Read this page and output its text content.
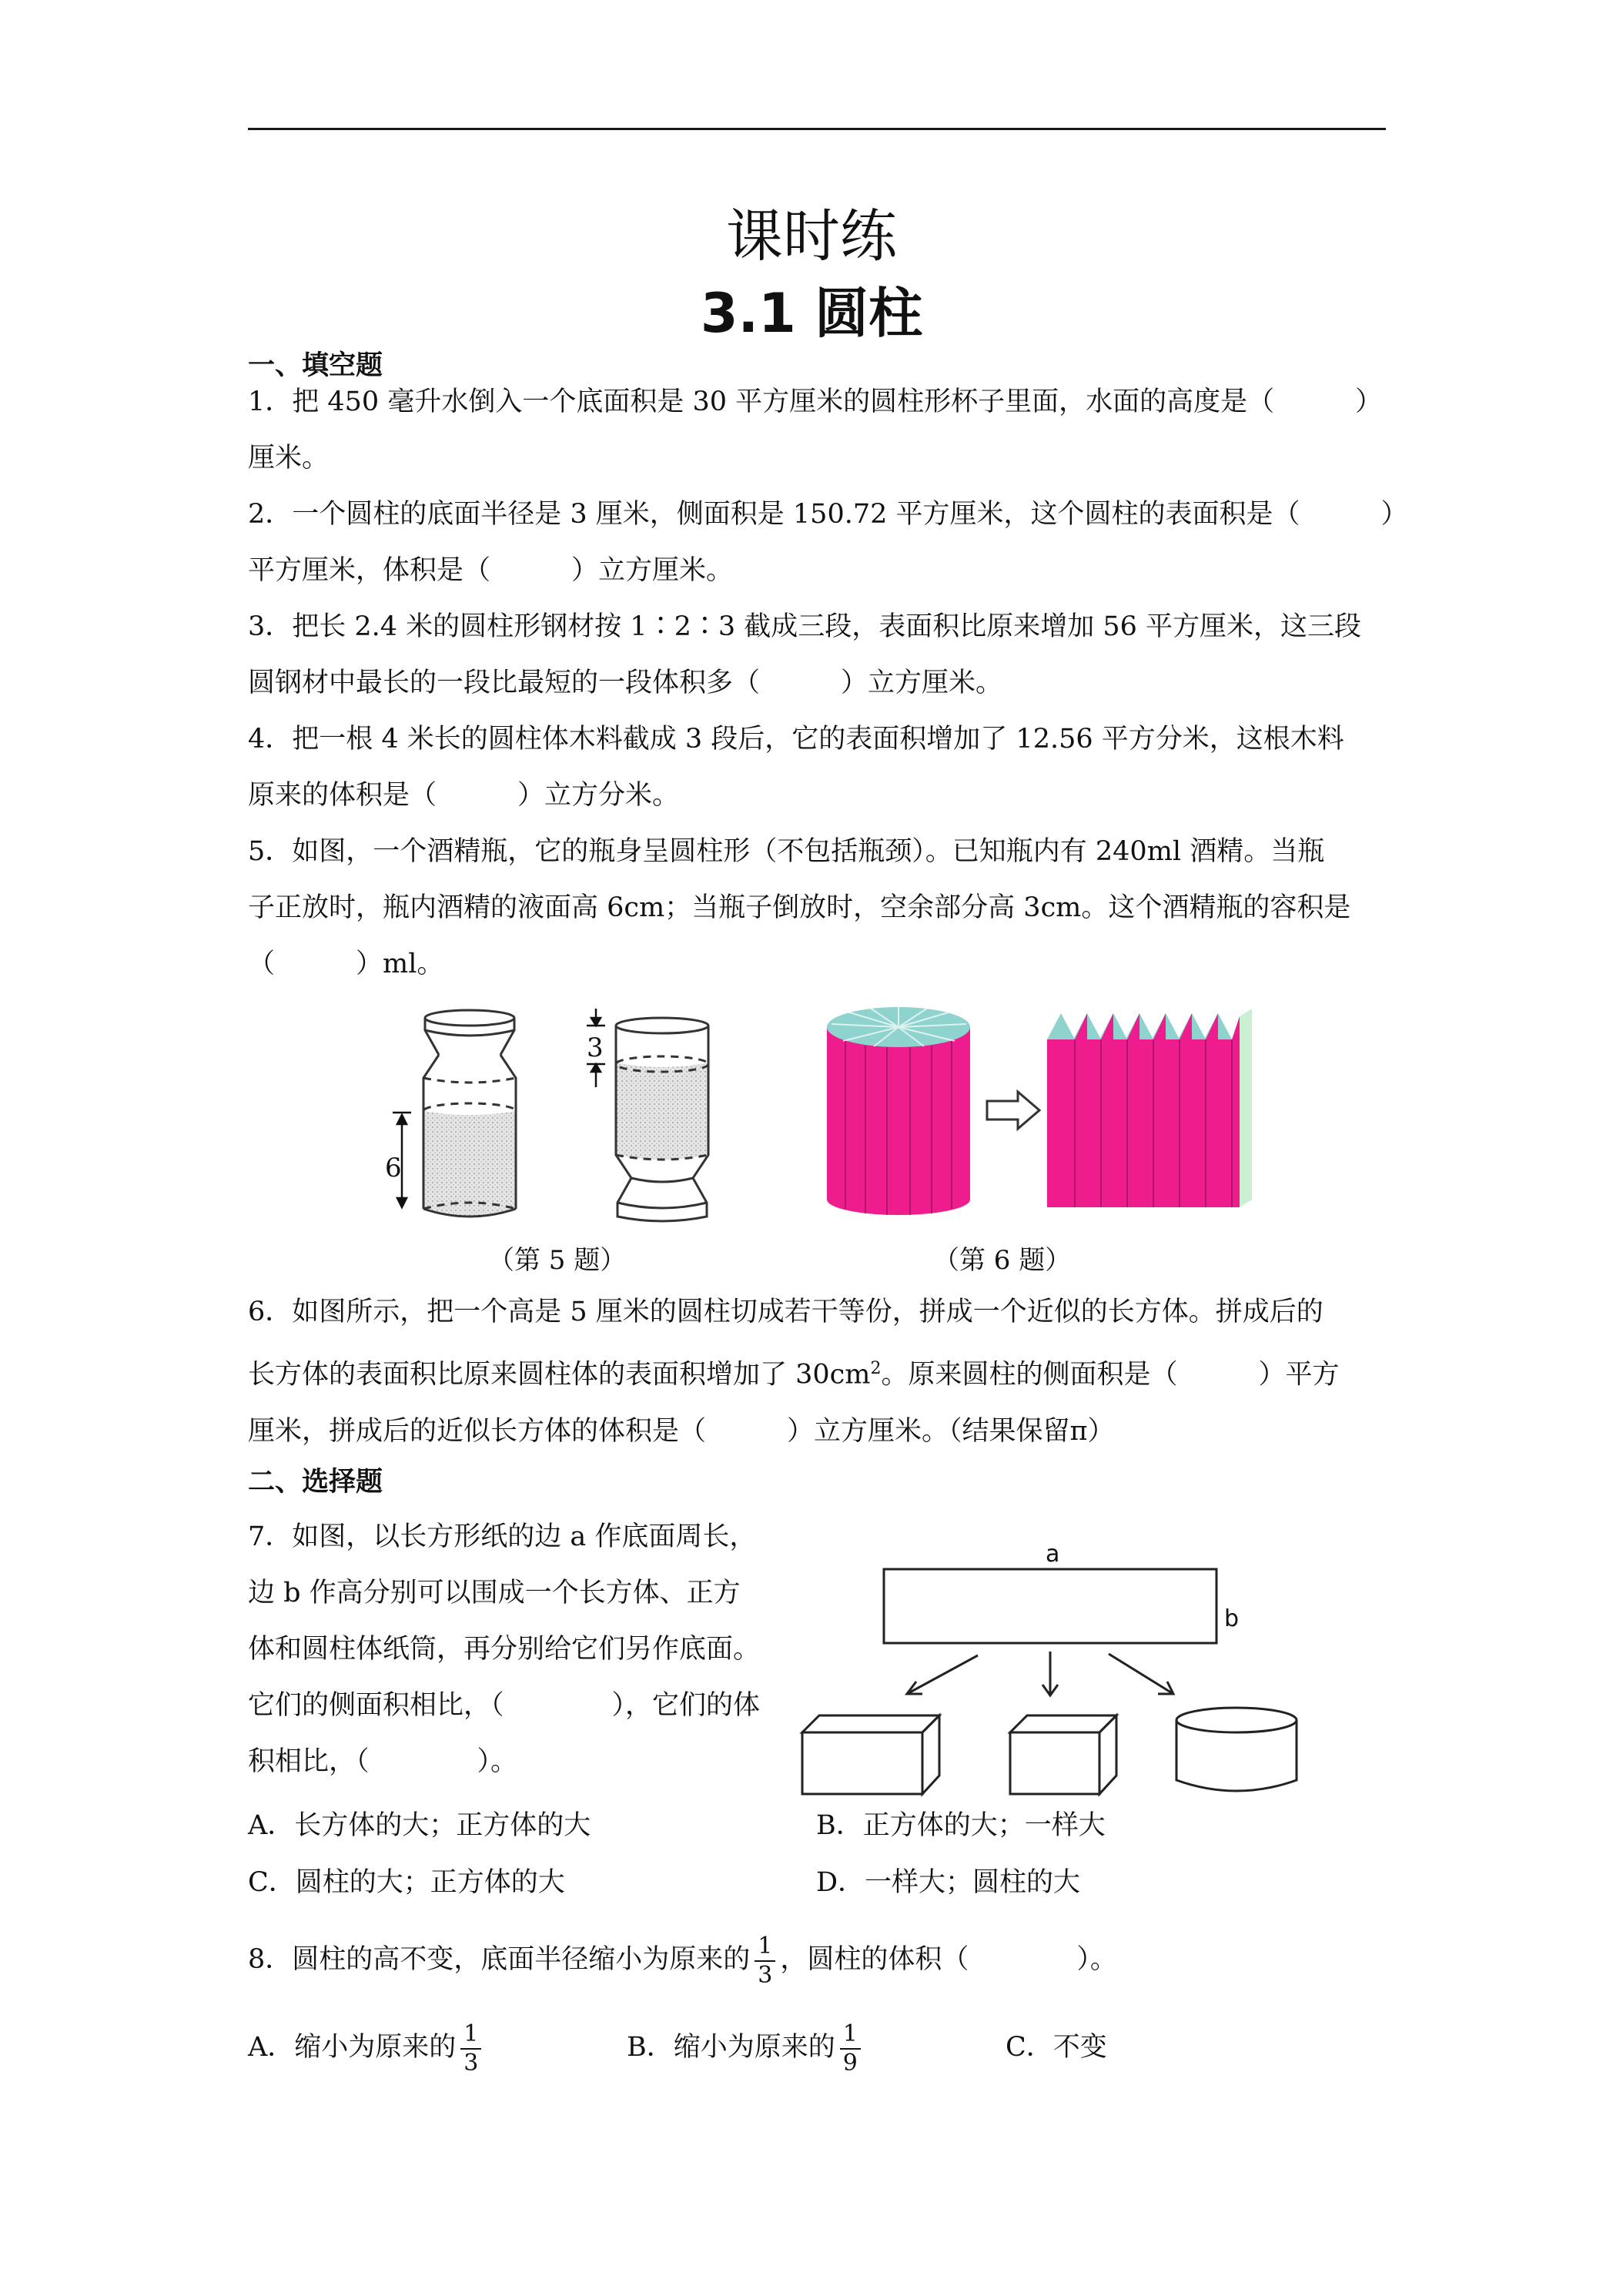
课时练
3.1 圆柱
一、填空题

1．把 450 毫升水倒入一个底面积是 30 平方厘米的圆柱形杯子里面，水面的高度是（　　　）

厘米。

2．一个圆柱的底面半径是 3 厘米，侧面积是 150.72 平方厘米，这个圆柱的表面积是（　　　）

平方厘米，体积是（　　　）立方厘米。

3．把长 2.4 米的圆柱形钢材按 1∶2∶3 截成三段，表面积比原来增加 56 平方厘米，这三段

圆钢材中最长的一段比最短的一段体积多（　　　）立方厘米。

4．把一根 4 米长的圆柱体木料截成 3 段后，它的表面积增加了 12.56 平方分米，这根木料

原来的体积是（　　　）立方分米。

5．如图，一个酒精瓶，它的瓶身呈圆柱形（不包括瓶颈）。已知瓶内有 240ml 酒精。当瓶

子正放时，瓶内酒精的液面高 6cm；当瓶子倒放时，空余部分高 3cm。这个酒精瓶的容积是

（　　　）ml。

6
3
（第 5 题）	（第 6 题）

6．如图所示，把一个高是 5 厘米的圆柱切成若干等份，拼成一个近似的长方体。拼成后的

长方体的表面积比原来圆柱体的表面积增加了 $30cm^2$。原来圆柱的侧面积是（　　　）平方

厘米，拼成后的近似长方体的体积是（　　　）立方厘米。（结果保留π）

二、选择题

7．如图，以长方形纸的边 a 作底面周长，

边 b 作高分别可以围成一个长方体、正方

体和圆柱体纸筒，再分别给它们另作底面。

它们的侧面积相比，（　　　　），它们的体

积相比，（　　　　）。

a
b
A．长方体的大；正方体的大	B．正方体的大；一样大
C．圆柱的大；正方体的大	D．一样大；圆柱的大
8．圆柱的高不变，底面半径缩小为原来的 $\frac{1}{3}$ ，圆柱的体积（　　　　）。
A．缩小为原来的 $\frac{1}{3}$	B．缩小为原来的 $\frac{1}{9}$	C．不变
